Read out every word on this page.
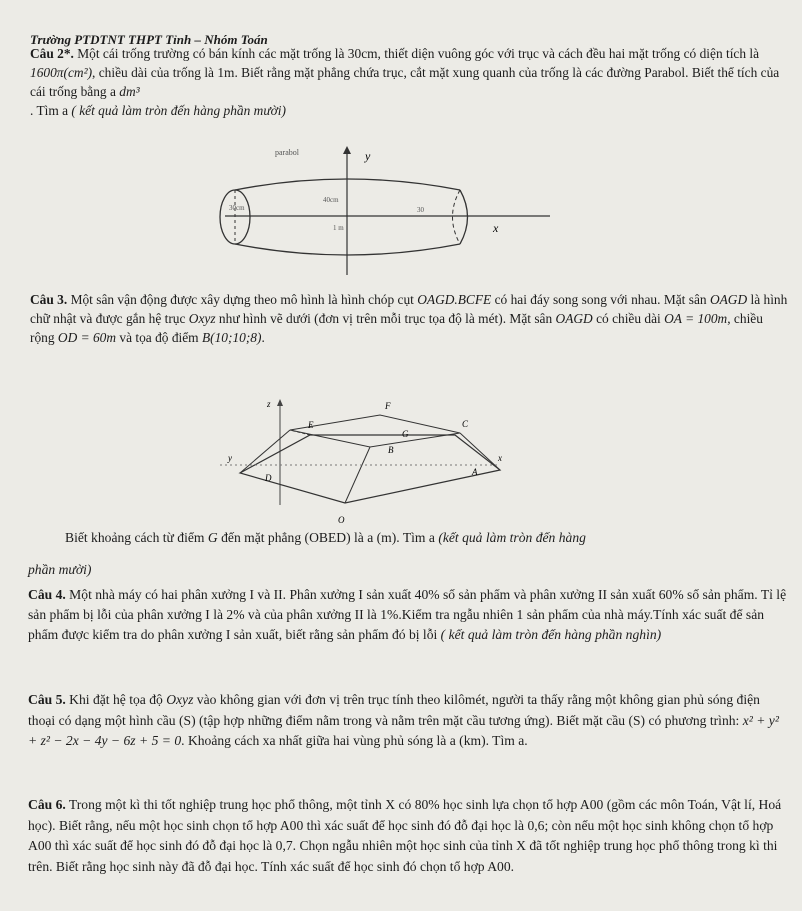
Trường PTDTNT THPT Tỉnh – Nhóm Toán
Câu 2*. Một cái trống trường có bán kính các mặt trống là 30cm, thiết diện vuông góc với trục và cách đều hai mặt trống có diện tích là 1600π(cm²), chiều dài của trống là 1m. Biết rằng mặt phẳng chứa trục, cắt mặt xung quanh của trống là các đường Parabol. Biết thể tích của cái trống bằng a dm³
. Tìm a ( kết quả làm tròn đến hàng phần mười)
parabol	y
40cm
30cm	30
x
1 m
Câu 3. Một sân vận động được xây dựng theo mô hình là hình chóp cụt OAGD.BCFE có hai đáy song song với nhau. Mặt sân OAGD là hình chữ nhật và được gắn hệ trục Oxyz như hình vẽ dưới (đơn vị trên mỗi trục tọa độ là mét). Mặt sân OAGD có chiều dài OA = 100m, chiều rộng OD = 60m và tọa độ điểm B(10;10;8).
z	F
E
G
C
B
y
D
A
x
O
Biết khoảng cách từ điểm G đến mặt phẳng (OBED) là a (m). Tìm a (kết quả làm tròn đến hàng
phần mười)
Câu 4. Một nhà máy có hai phân xưởng I và II. Phân xưởng I sản xuất 40% số sản phẩm và phân xưởng II sản xuất 60% số sản phẩm. Tỉ lệ sản phẩm bị lỗi của phân xưởng I là 2% và của phân xưởng II là 1%.Kiểm tra ngẫu nhiên 1 sản phẩm của nhà máy.Tính xác suất để sản phẩm được kiểm tra do phân xưởng I sản xuất, biết rằng sản phẩm đó bị lỗi ( kết quả làm tròn đến hàng phần nghìn)
Câu 5. Khi đặt hệ tọa độ Oxyz vào không gian với đơn vị trên trục tính theo kilômét, người ta thấy rằng một không gian phủ sóng điện thoại có dạng một hình cầu (S) (tập hợp những điểm nằm trong và nằm trên mặt cầu tương ứng). Biết mặt cầu (S) có phương trình: x² + y² + z² − 2x − 4y − 6z + 5 = 0. Khoảng cách xa nhất giữa hai vùng phủ sóng là a (km). Tìm a.
Câu 6. Trong một kì thi tốt nghiệp trung học phổ thông, một tỉnh X có 80% học sinh lựa chọn tổ hợp A00 (gồm các môn Toán, Vật lí, Hoá học). Biết rằng, nếu một học sinh chọn tổ hợp A00 thì xác suất để học sinh đó đỗ đại học là 0,6; còn nếu một học sinh không chọn tổ hợp A00 thì xác suất để học sinh đó đỗ đại học là 0,7. Chọn ngẫu nhiên một học sinh của tỉnh X đã tốt nghiệp trung học phổ thông trong kì thi trên. Biết rằng học sinh này đã đỗ đại học. Tính xác suất để học sinh đó chọn tổ hợp A00.
